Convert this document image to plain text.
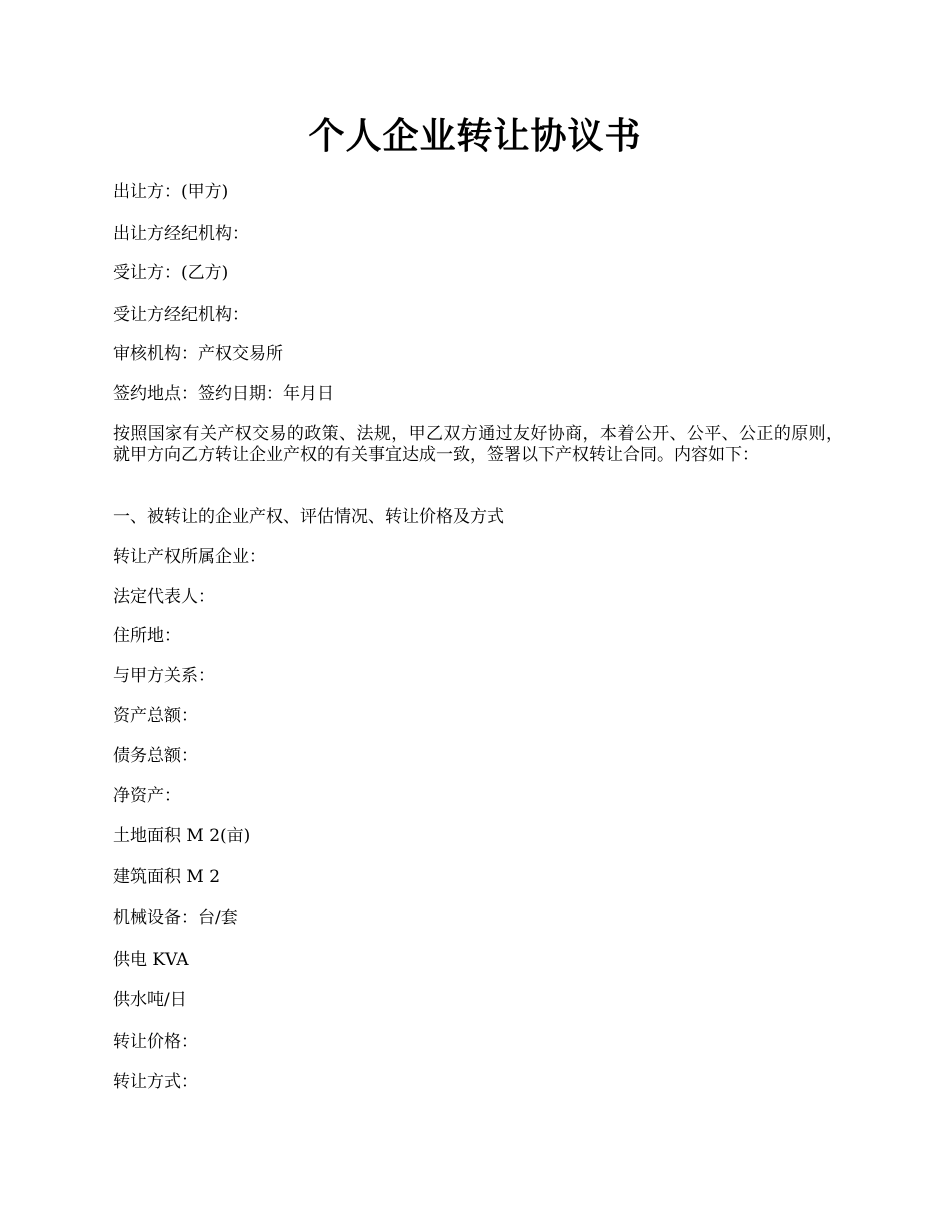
个人企业转让协议书
出让方：(甲方)
出让方经纪机构：
受让方：(乙方)
受让方经纪机构：
审核机构：产权交易所
签约地点：签约日期：年月日
按照国家有关产权交易的政策、法规，甲乙双方通过友好协商，本着公开、公平、公正的原则，就甲方向乙方转让企业产权的有关事宜达成一致，签署以下产权转让合同。内容如下：
一、被转让的企业产权、评估情况、转让价格及方式
转让产权所属企业：
法定代表人：
住所地：
与甲方关系：
资产总额：
债务总额：
净资产：
土地面积 M 2(亩)
建筑面积 M 2
机械设备：台/套
供电 KVA
供水吨/日
转让价格：
转让方式：
